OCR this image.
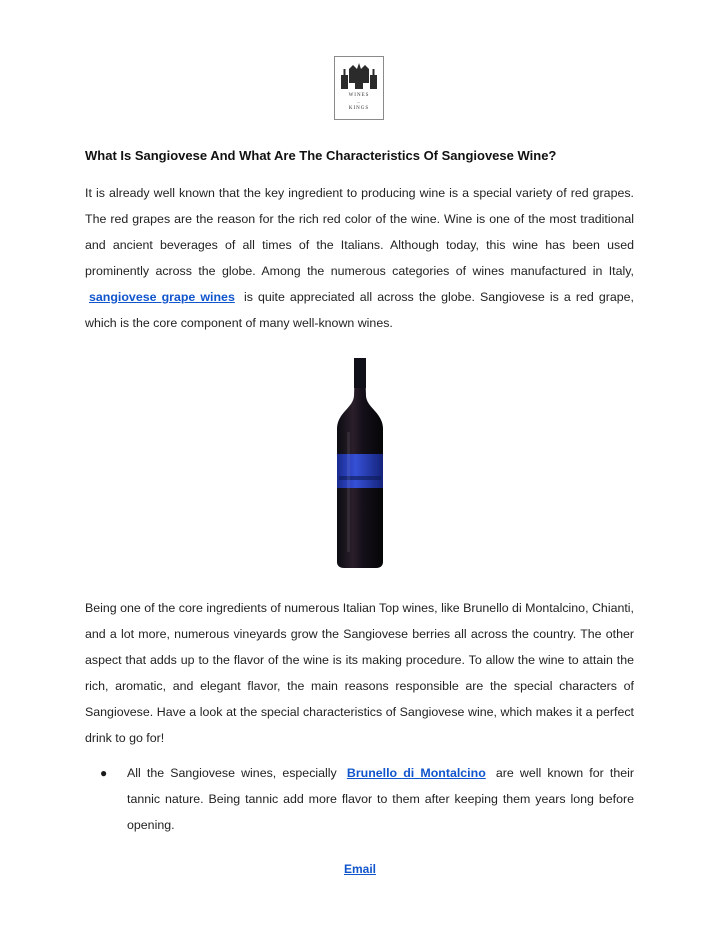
WINES
~
KINGS
What Is Sangiovese And What Are The Characteristics Of Sangiovese Wine?

It is already well known that the key ingredient to producing wine is a special variety of red grapes. The red grapes are the reason for the rich red color of the wine. Wine is one of the most traditional and ancient beverages of all times of the Italians. Although today, this wine has been used prominently across the globe. Among the numerous categories of wines manufactured in Italy, sangiovese grape wines is quite appreciated all across the globe. Sangiovese is a red grape, which is the core component of many well-known wines.

Being one of the core ingredients of numerous Italian Top wines, like Brunello di Montalcino, Chianti, and a lot more, numerous vineyards grow the Sangiovese berries all across the country. The other aspect that adds up to the flavor of the wine is its making procedure. To allow the wine to attain the rich, aromatic, and elegant flavor, the main reasons responsible are the special characters of Sangiovese. Have a look at the special characteristics of Sangiovese wine, which makes it a perfect drink to go for!

● All the Sangiovese wines, especially Brunello di Montalcino are well known for their tannic nature. Being tannic add more flavor to them after keeping them years long before opening.

Email
